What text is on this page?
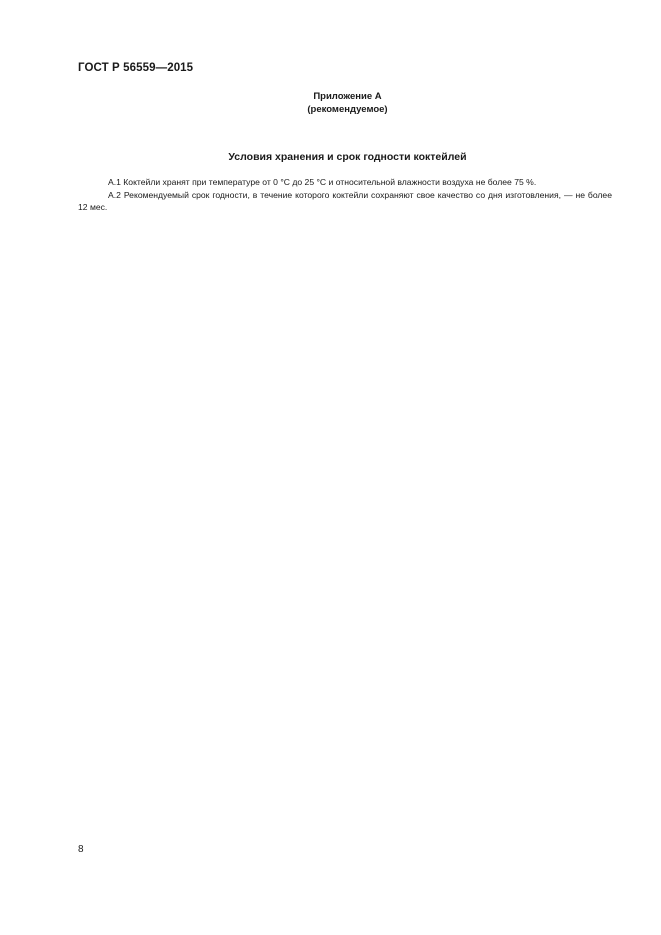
ГОСТ Р 56559—2015
Приложение А
(рекомендуемое)
Условия хранения и срок годности коктейлей

А.1 Коктейли хранят при температуре от 0 °С до 25 °С и относительной влажности воздуха не более 75 %.

А.2 Рекомендуемый срок годности, в течение которого коктейли сохраняют свое качество со дня изготовления, — не более 12 мес.

8
